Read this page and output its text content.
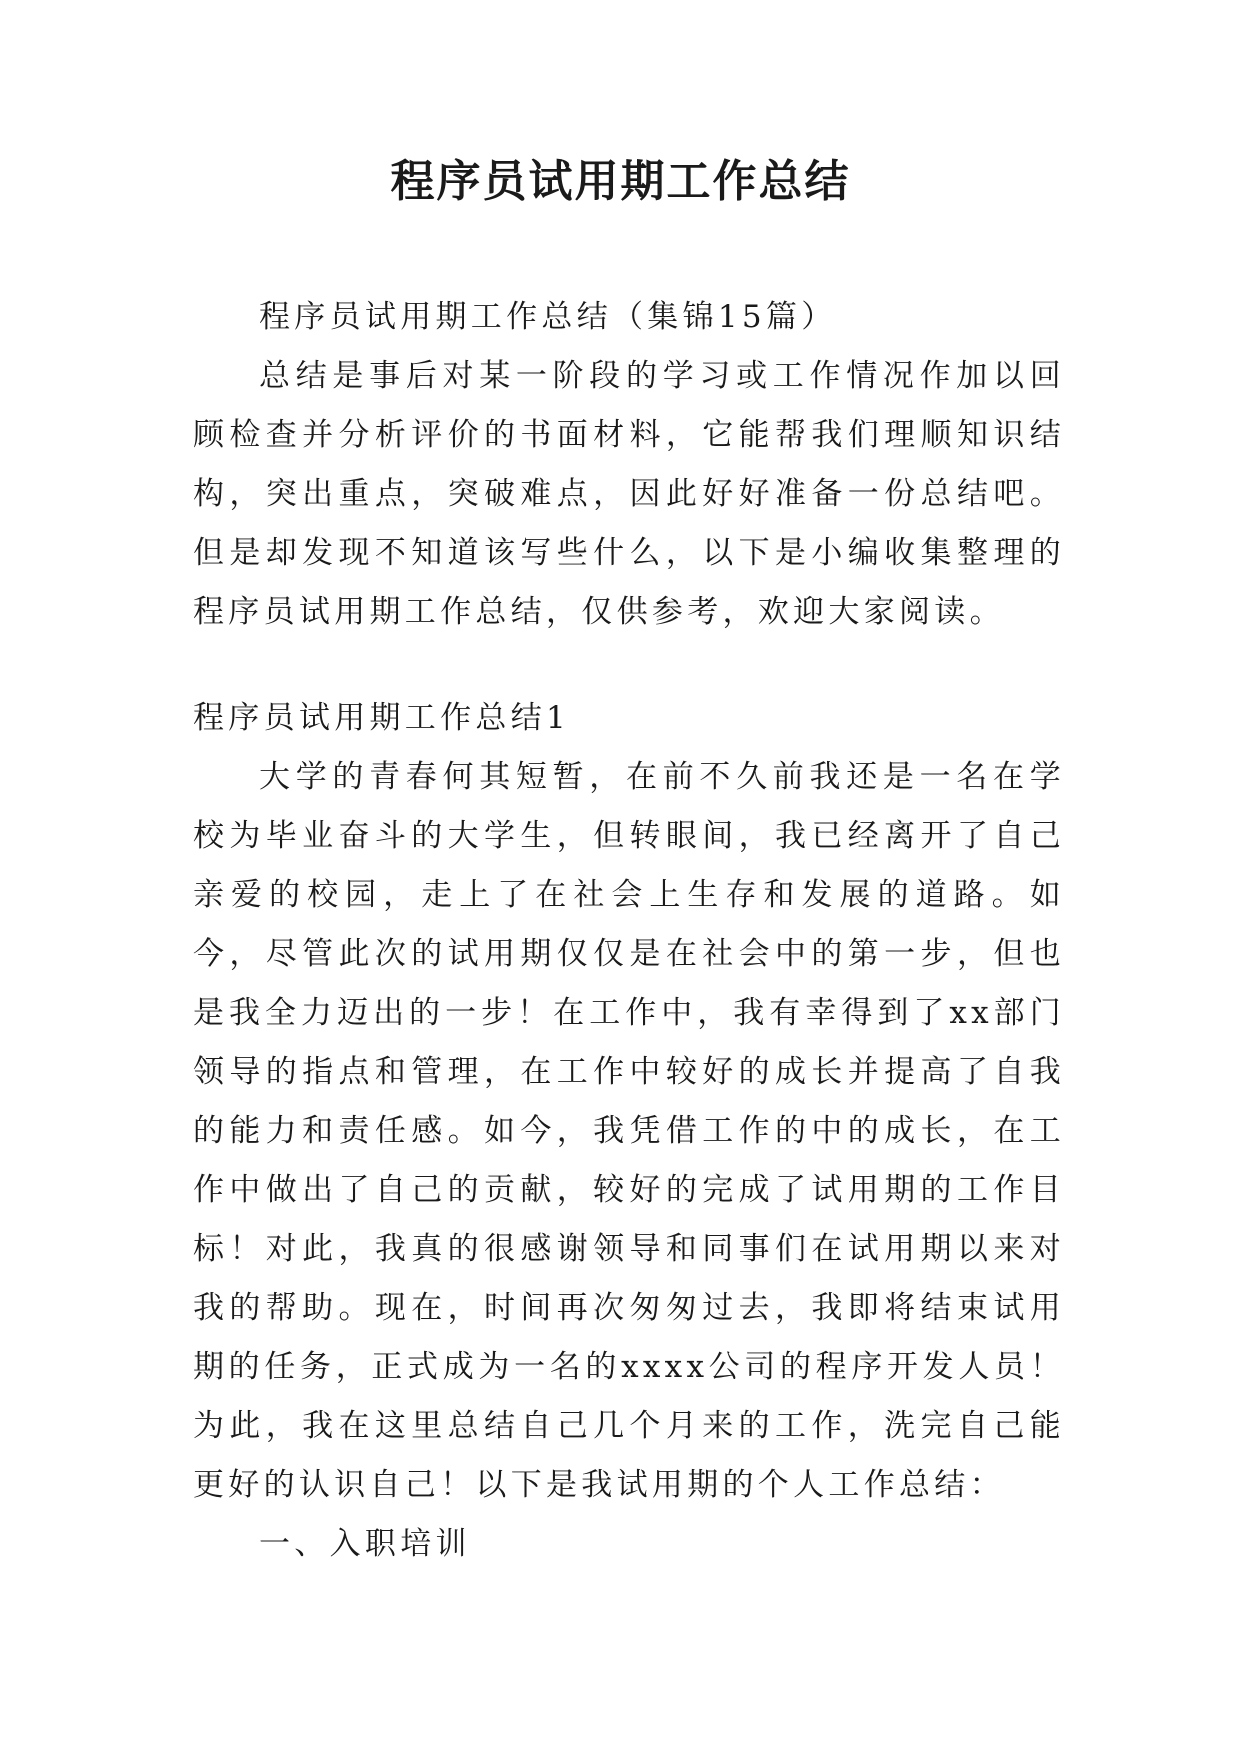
程序员试用期工作总结

程序员试用期工作总结（集锦15篇）

总结是事后对某一阶段的学习或工作情况作加以回顾检查并分析评价的书面材料，它能帮我们理顺知识结构，突出重点，突破难点，因此好好准备一份总结吧。但是却发现不知道该写些什么，以下是小编收集整理的程序员试用期工作总结，仅供参考，欢迎大家阅读。

程序员试用期工作总结1

大学的青春何其短暂，在前不久前我还是一名在学校为毕业奋斗的大学生，但转眼间，我已经离开了自己亲爱的校园，走上了在社会上生存和发展的道路。如今，尽管此次的试用期仅仅是在社会中的第一步，但也是我全力迈出的一步！在工作中，我有幸得到了xx部门领导的指点和管理，在工作中较好的成长并提高了自我的能力和责任感。如今，我凭借工作的中的成长，在工作中做出了自己的贡献，较好的完成了试用期的工作目标！对此，我真的很感谢领导和同事们在试用期以来对我的帮助。现在，时间再次匆匆过去，我即将结束试用期的任务，正式成为一名的xxxx公司的程序开发人员！为此，我在这里总结自己几个月来的工作，洗完自己能更好的认识自己！以下是我试用期的个人工作总结：

一、入职培训
